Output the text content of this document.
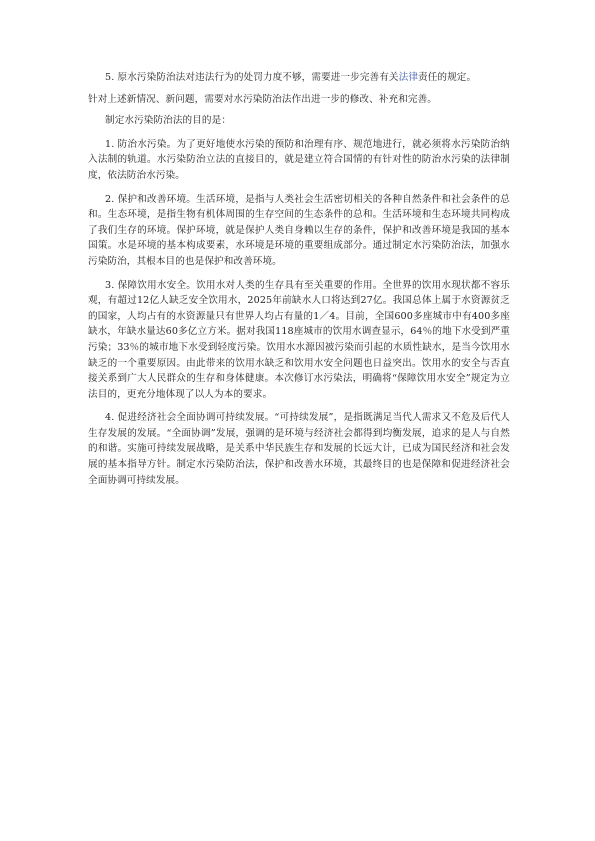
5. 原水污染防治法对违法行为的处罚力度不够，需要进一步完善有关法律责任的规定。

针对上述新情况、新问题，需要对水污染防治法作出进一步的修改、补充和完善。

制定水污染防治法的目的是：

1. 防治水污染。为了更好地使水污染的预防和治理有序、规范地进行，就必须将水污染防治纳入法制的轨道。水污染防治立法的直接目的，就是建立符合国情的有针对性的防治水污染的法律制度，依法防治水污染。

2. 保护和改善环境。生活环境，是指与人类社会生活密切相关的各种自然条件和社会条件的总和。生态环境，是指生物有机体周围的生存空间的生态条件的总和。生活环境和生态环境共同构成了我们生存的环境。保护环境，就是保护人类自身赖以生存的条件，保护和改善环境是我国的基本国策。水是环境的基本构成要素，水环境是环境的重要组成部分。通过制定水污染防治法，加强水污染防治，其根本目的也是保护和改善环境。

3. 保障饮用水安全。饮用水对人类的生存具有至关重要的作用。全世界的饮用水现状都不容乐观，有超过12亿人缺乏安全饮用水，2025年前缺水人口将达到27亿。我国总体上属于水资源贫乏的国家，人均占有的水资源量只有世界人均占有量的1／4。目前，全国600多座城市中有400多座缺水，年缺水量达60多亿立方米。据对我国118座城市的饮用水调查显示，64％的地下水受到严重污染；33％的城市地下水受到轻度污染。饮用水水源因被污染而引起的水质性缺水，是当今饮用水缺乏的一个重要原因。由此带来的饮用水缺乏和饮用水安全问题也日益突出。饮用水的安全与否直接关系到广大人民群众的生存和身体健康。本次修订水污染法，明确将“保障饮用水安全”规定为立法目的，更充分地体现了以人为本的要求。

4. 促进经济社会全面协调可持续发展。“可持续发展”，是指既满足当代人需求又不危及后代人生存发展的发展。“全面协调”发展，强调的是环境与经济社会都得到均衡发展，追求的是人与自然的和谐。实施可持续发展战略，是关系中华民族生存和发展的长远大计，已成为国民经济和社会发展的基本指导方针。制定水污染防治法，保护和改善水环境，其最终目的也是保障和促进经济社会全面协调可持续发展。
